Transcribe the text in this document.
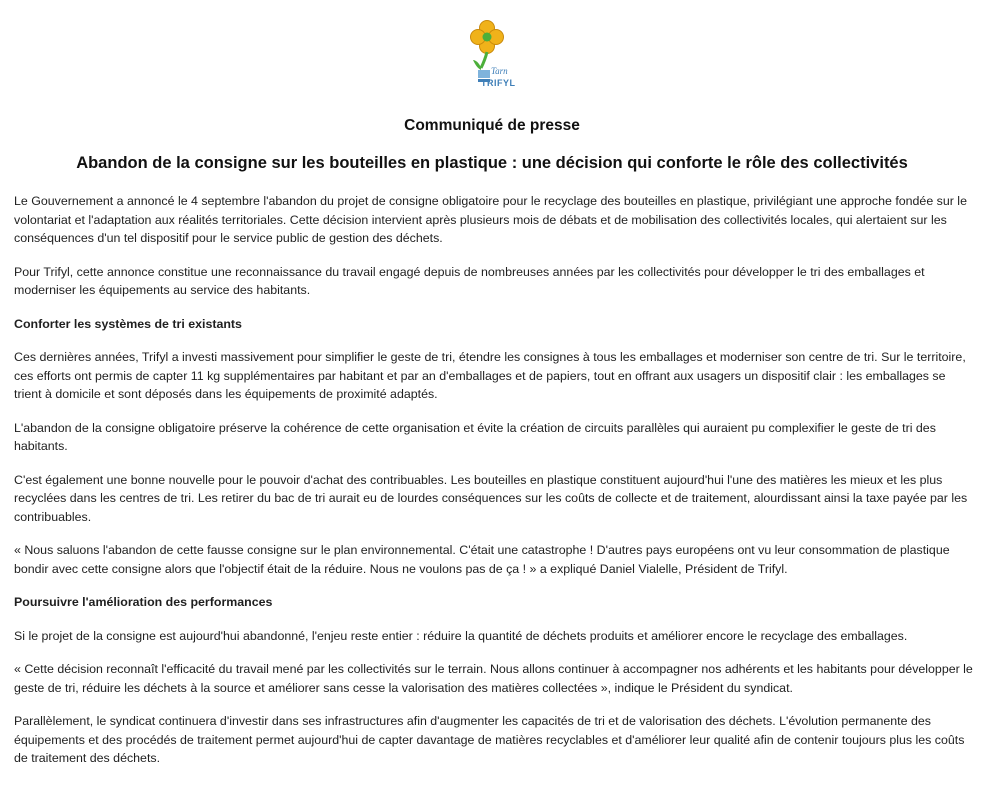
Tarn
TRIFYL
Communiqué de presse
Abandon de la consigne sur les bouteilles en plastique : une décision qui conforte le rôle des collectivités

Le Gouvernement a annoncé le 4 septembre l'abandon du projet de consigne obligatoire pour le recyclage des bouteilles en plastique, privilégiant une approche fondée sur le volontariat et l'adaptation aux réalités territoriales. Cette décision intervient après plusieurs mois de débats et de mobilisation des collectivités locales, qui alertaient sur les conséquences d'un tel dispositif pour le service public de gestion des déchets.

Pour Trifyl, cette annonce constitue une reconnaissance du travail engagé depuis de nombreuses années par les collectivités pour développer le tri des emballages et moderniser les équipements au service des habitants.

Conforter les systèmes de tri existants

Ces dernières années, Trifyl a investi massivement pour simplifier le geste de tri, étendre les consignes à tous les emballages et moderniser son centre de tri. Sur le territoire, ces efforts ont permis de capter 11 kg supplémentaires par habitant et par an d'emballages et de papiers, tout en offrant aux usagers un dispositif clair : les emballages se trient à domicile et sont déposés dans les équipements de proximité adaptés.

L'abandon de la consigne obligatoire préserve la cohérence de cette organisation et évite la création de circuits parallèles qui auraient pu complexifier le geste de tri des habitants.

C'est également une bonne nouvelle pour le pouvoir d'achat des contribuables. Les bouteilles en plastique constituent aujourd'hui l'une des matières les mieux et les plus recyclées dans les centres de tri. Les retirer du bac de tri aurait eu de lourdes conséquences sur les coûts de collecte et de traitement, alourdissant ainsi la taxe payée par les contribuables.

« Nous saluons l'abandon de cette fausse consigne sur le plan environnemental. C'était une catastrophe ! D'autres pays européens ont vu leur consommation de plastique bondir avec cette consigne alors que l'objectif était de la réduire. Nous ne voulons pas de ça ! » a expliqué Daniel Vialelle, Président de Trifyl.

Poursuivre l'amélioration des performances

Si le projet de la consigne est aujourd'hui abandonné, l'enjeu reste entier : réduire la quantité de déchets produits et améliorer encore le recyclage des emballages.

« Cette décision reconnaît l'efficacité du travail mené par les collectivités sur le terrain. Nous allons continuer à accompagner nos adhérents et les habitants pour développer le geste de tri, réduire les déchets à la source et améliorer sans cesse la valorisation des matières collectées », indique le Président du syndicat.

Parallèlement, le syndicat continuera d'investir dans ses infrastructures afin d'augmenter les capacités de tri et de valorisation des déchets. L'évolution permanente des équipements et des procédés de traitement permet aujourd'hui de capter davantage de matières recyclables et d'améliorer leur qualité afin de contenir toujours plus les coûts de traitement des déchets.
